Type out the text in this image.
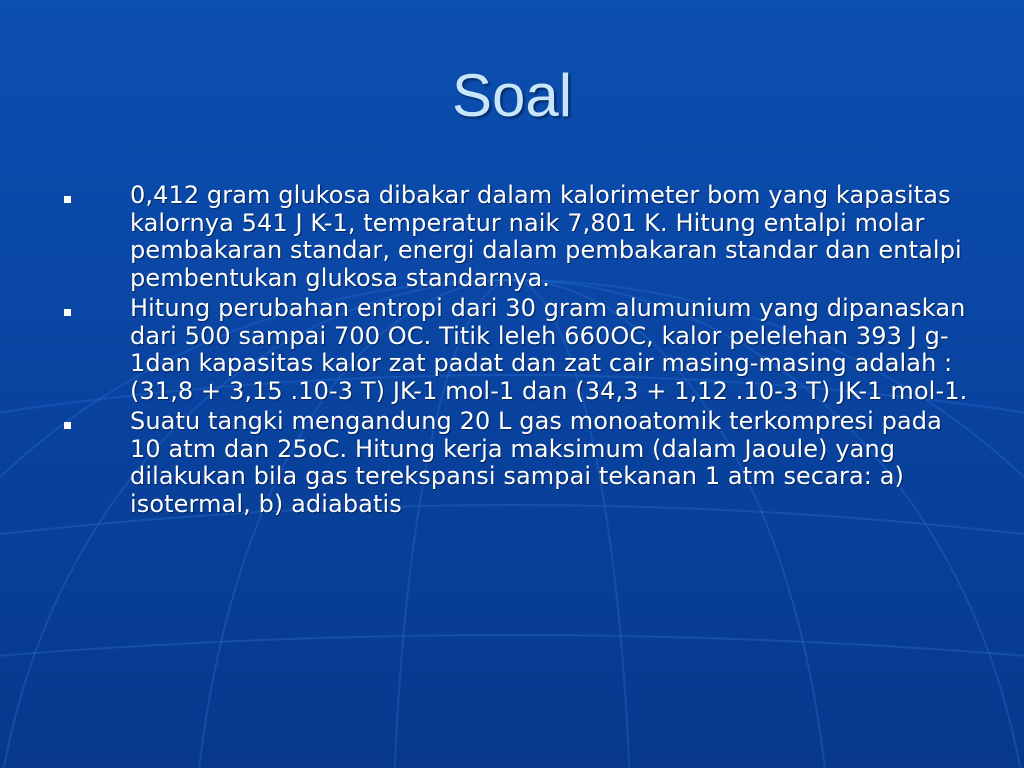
Soal
0,412 gram glukosa dibakar dalam kalorimeter bom yang kapasitas kalornya 541 J K-1, temperatur naik 7,801 K. Hitung entalpi molar pembakaran standar, energi dalam pembakaran standar dan entalpi pembentukan glukosa standarnya.
Hitung perubahan entropi dari 30 gram alumunium yang dipanaskan dari 500 sampai 700 OC. Titik leleh 660OC, kalor pelelehan 393 J g-1dan kapasitas kalor zat padat dan zat cair masing-masing adalah : (31,8 + 3,15 .10-3 T) JK-1 mol-1 dan (34,3 + 1,12 .10-3 T) JK-1 mol-1.
Suatu tangki mengandung 20 L gas monoatomik terkompresi pada 10 atm dan 25oC. Hitung kerja maksimum (dalam Jaoule) yang dilakukan bila gas terekspansi sampai tekanan 1 atm secara: a) isotermal, b) adiabatis
